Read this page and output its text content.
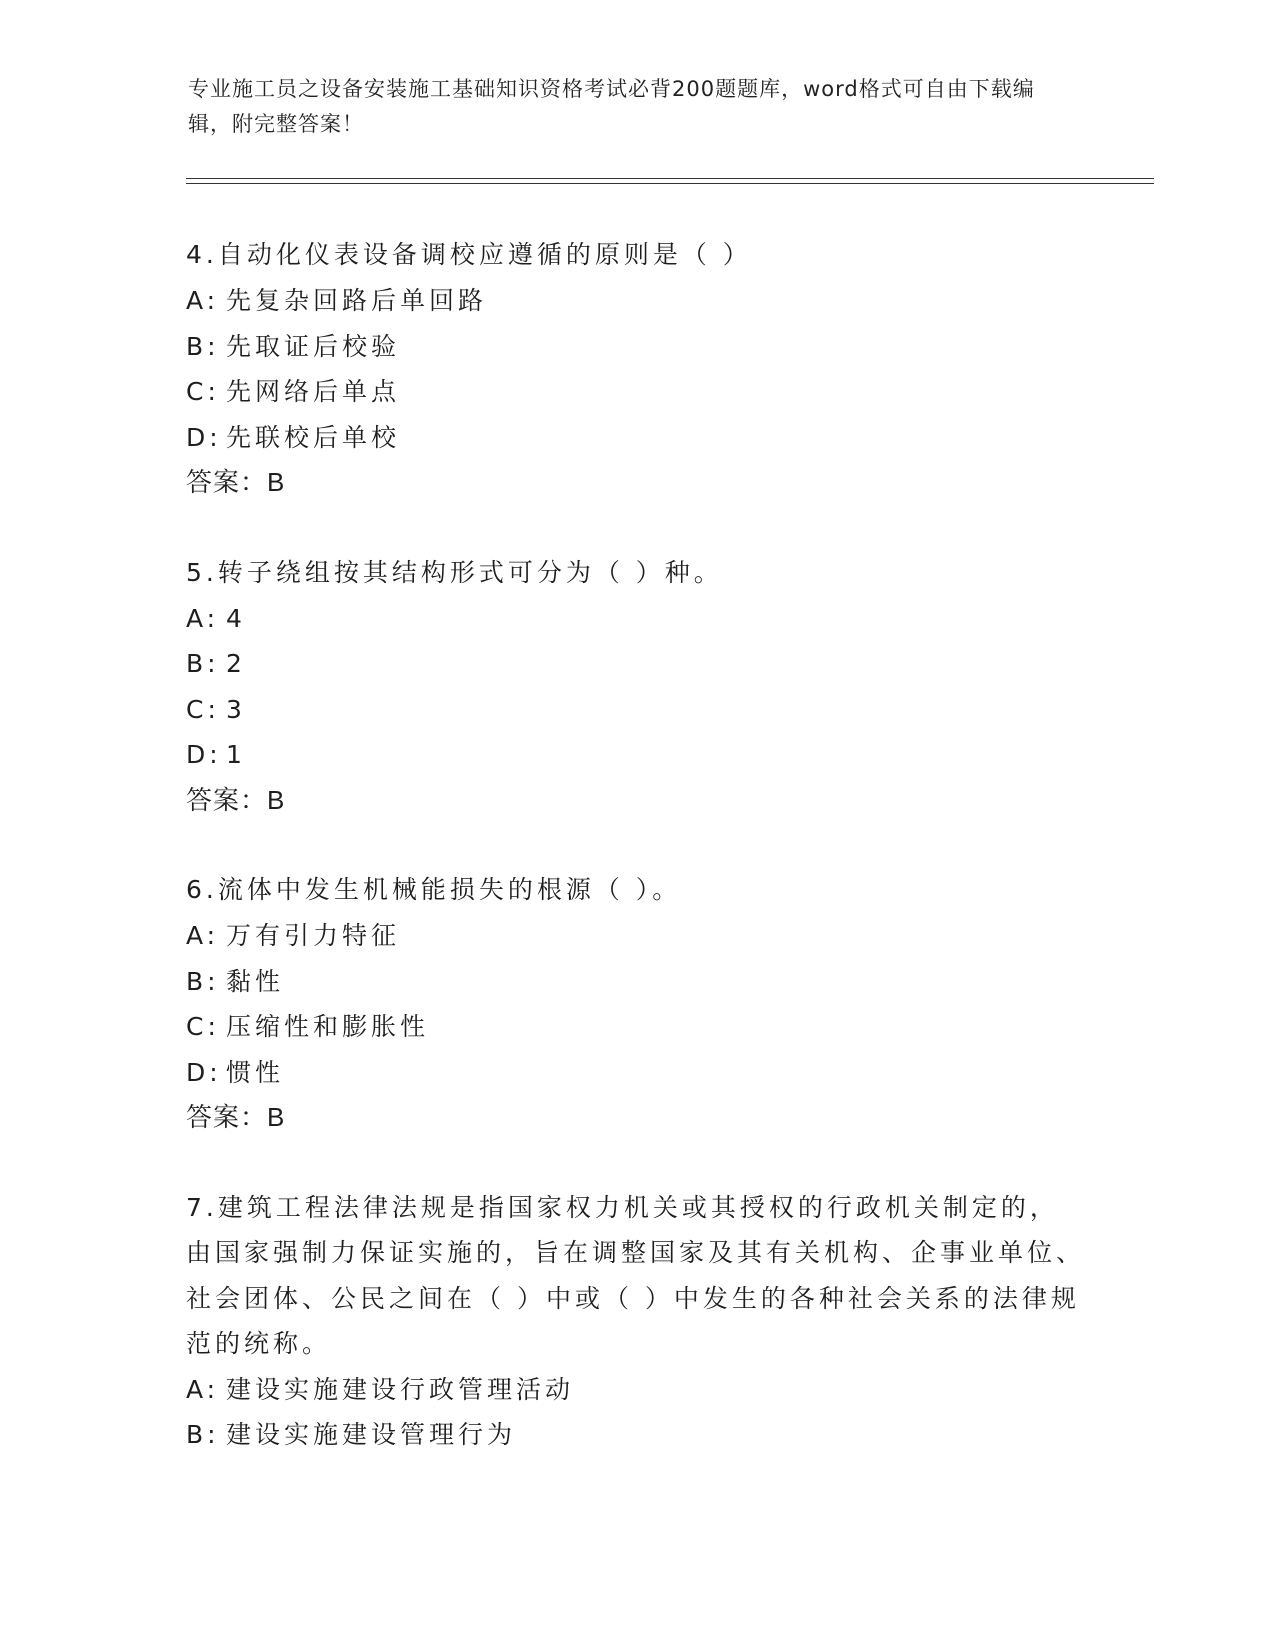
专业施工员之设备安装施工基础知识资格考试必背200题题库，word格式可自由下载编辑，附完整答案！
4.自动化仪表设备调校应遵循的原则是（ ）
A: 先复杂回路后单回路
B: 先取证后校验
C: 先网络后单点
D: 先联校后单校
答案：B
5.转子绕组按其结构形式可分为（ ）种。
A: 4
B: 2
C: 3
D: 1
答案：B
6.流体中发生机械能损失的根源（ ）。
A: 万有引力特征
B: 黏性
C: 压缩性和膨胀性
D: 惯性
答案：B
7.建筑工程法律法规是指国家权力机关或其授权的行政机关制定的，由国家强制力保证实施的，旨在调整国家及其有关机构、企事业单位、社会团体、公民之间在（ ）中或（ ）中发生的各种社会关系的法律规范的统称。
A: 建设实施建设行政管理活动
B: 建设实施建设管理行为
